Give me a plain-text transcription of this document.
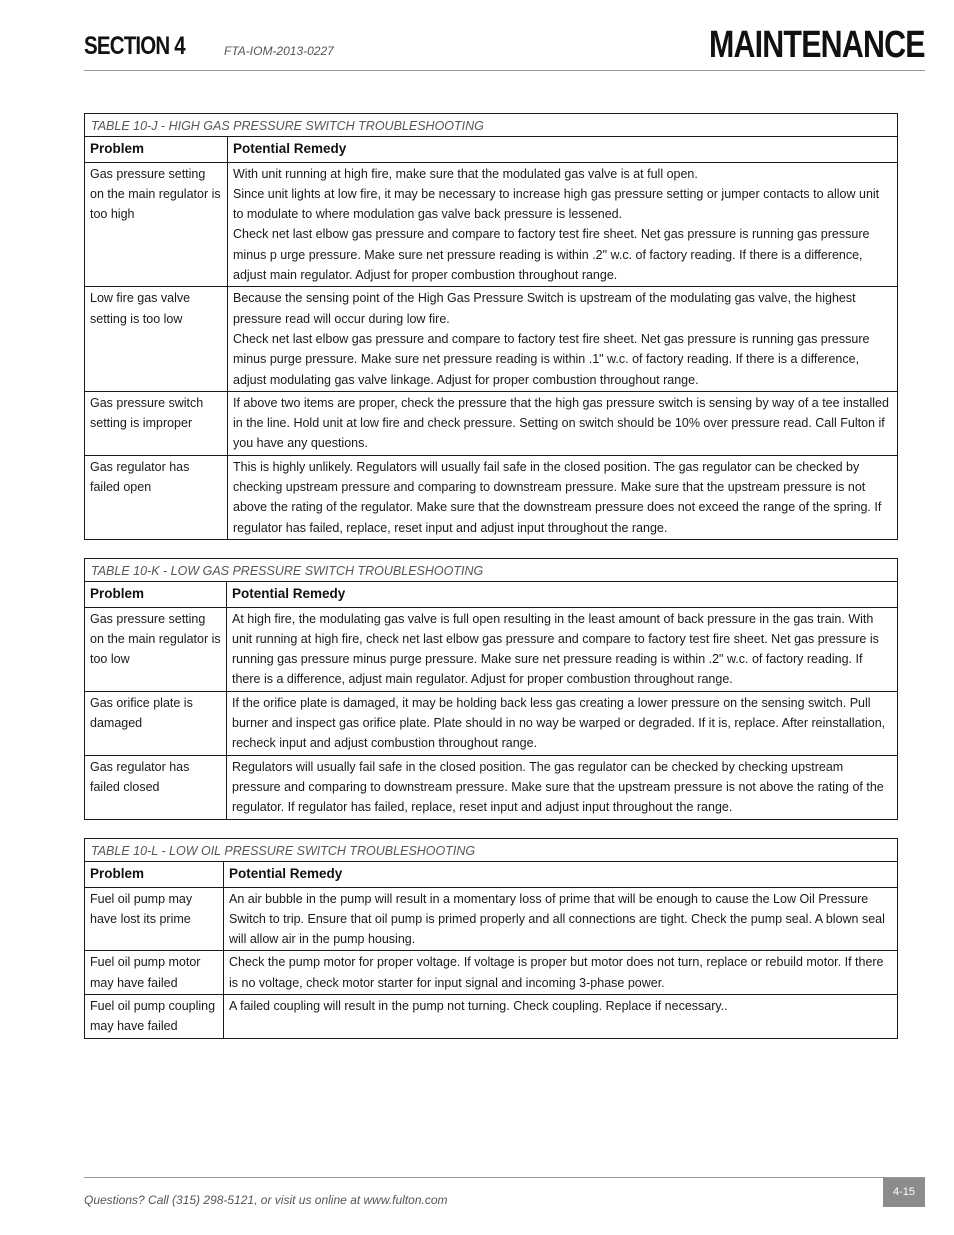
SECTION 4	FTA-IOM-2013-0227	MAINTENANCE
TABLE 10-J - HIGH GAS PRESSURE SWITCH TROUBLESHOOTING	
Problem	Potential Remedy
Gas pressure setting on the main regulator is too high	With unit running at high fire, make sure that the modulated gas valve is at full open.
Since unit lights at low fire, it may be necessary to increase high gas pressure setting or jumper contacts to allow unit to modulate to where modulation gas valve back pressure is lessened.
Check net last elbow gas pressure and compare to factory test fire sheet. Net gas pressure is running gas pressure minus p urge pressure. Make sure net pressure reading is within .2" w.c. of factory reading. If there is a difference, adjust main regulator. Adjust for proper combustion throughout range.

Low fire gas valve setting is too low	Because the sensing point of the High Gas Pressure Switch is upstream of the modulating gas valve, the highest pressure read will occur during low fire.
Check net last elbow gas pressure and compare to factory test fire sheet. Net gas pressure is running gas pressure minus purge pressure. Make sure net pressure reading is within .1" w.c. of factory reading. If there is a difference, adjust modulating gas valve linkage. Adjust for proper combustion throughout range.

Gas pressure switch setting is improper	If above two items are proper, check the pressure that the high gas pressure switch is sensing by way of a tee installed in the line. Hold unit at low fire and check pressure. Setting on switch should be 10% over pressure read. Call Fulton if you have any questions.

Gas regulator has failed open	This is highly unlikely. Regulators will usually fail safe in the closed position. The gas regulator can be checked by checking upstream pressure and comparing to downstream pressure. Make sure that the upstream pressure is not above the rating of the regulator. Make sure that the downstream pressure does not exceed the range of the spring. If regulator has failed, replace, reset input and adjust input throughout the range.
TABLE 10-K - LOW GAS PRESSURE SWITCH TROUBLESHOOTING	
Problem	Potential Remedy
Gas pressure setting on the main regulator is too low	At high fire, the modulating gas valve is full open resulting in the least amount of back pressure in the gas train. With unit running at high fire, check net last elbow gas pressure and compare to factory test fire sheet. Net gas pressure is running gas pressure minus purge pressure. Make sure net pressure reading is within .2" w.c. of factory reading. If there is a difference, adjust main regulator. Adjust for proper combustion throughout range.

Gas orifice plate is damaged	If the orifice plate is damaged, it may be holding back less gas creating a lower pressure on the sensing switch. Pull burner and inspect gas orifice plate. Plate should in no way be warped or degraded. If it is, replace. After reinstallation, recheck input and adjust combustion throughout range.

Gas regulator has failed closed	Regulators will usually fail safe in the closed position. The gas regulator can be checked by checking upstream pressure and comparing to downstream pressure. Make sure that the upstream pressure is not above the rating of the regulator. If regulator has failed, replace, reset input and adjust input throughout the range.
TABLE 10-L - LOW OIL PRESSURE SWITCH TROUBLESHOOTING	
Problem	Potential Remedy
Fuel oil pump may have lost its prime	An air bubble in the pump will result in a momentary loss of prime that will be enough to cause the Low Oil Pressure Switch to trip. Ensure that oil pump is primed properly and all connections are tight. Check the pump seal. A blown seal will allow air in the pump housing.

Fuel oil pump motor may have failed	Check the pump motor for proper voltage. If voltage is proper but motor does not turn, replace or rebuild motor. If there is no voltage, check motor starter for input signal and incoming 3-phase power.

Fuel oil pump coupling may have failed	A failed coupling will result in the pump not turning. Check coupling. Replace if necessary..
Questions? Call (315) 298-5121, or visit us online at www.fulton.com
4-15
